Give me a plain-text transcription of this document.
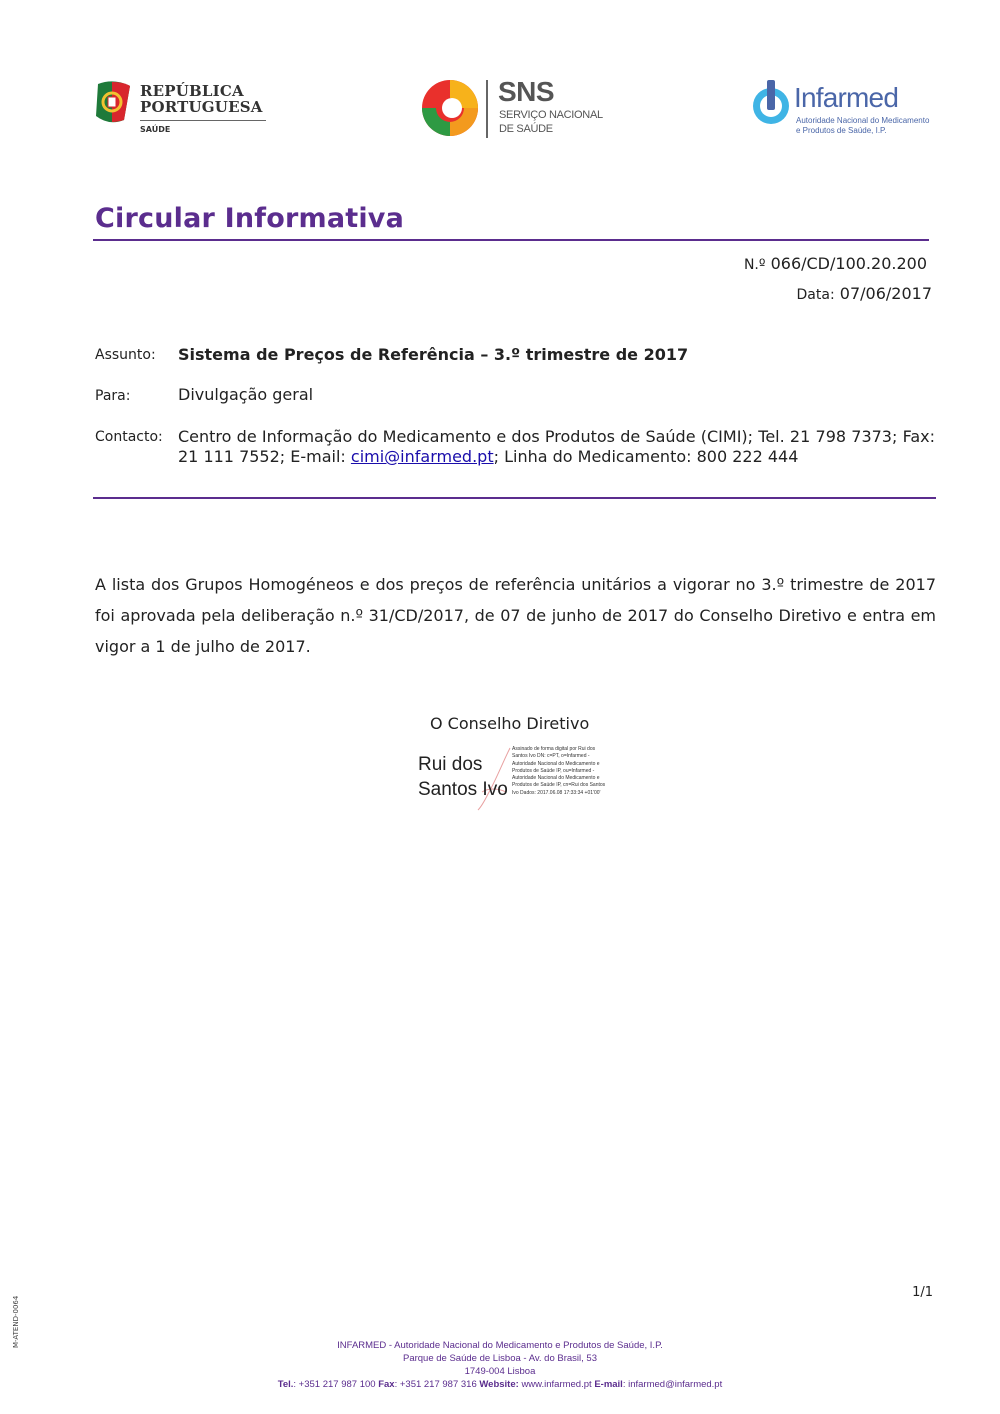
REPÚBLICA
PORTUGUESA
SAÚDE
SNS
SERVIÇO NACIONAL
DE SAÚDE
Infarmed
Autoridade Nacional do Medicamento
e Produtos de Saúde, I.P.
Circular Informativa
N.º 066/CD/100.20.200
Data: 07/06/2017
Assunto: Sistema de Preços de Referência – 3.º trimestre de 2017
Para:	Divulgação geral
Contacto: Centro de Informação do Medicamento e dos Produtos de Saúde (CIMI); Tel. 21 798 7373; Fax: 21 111 7552; E-mail: cimi@infarmed.pt; Linha do Medicamento: 800 222 444
A lista dos Grupos Homogéneos e dos preços de referência unitários a vigorar no 3.º trimestre de 2017 foi aprovada pela deliberação n.º 31/CD/2017, de 07 de junho de 2017 do Conselho Diretivo e entra em vigor a 1 de julho de 2017.
O Conselho Diretivo
Rui dos
Santos Ivo
Assinado de forma digital por Rui dos Santos Ivo DN: c=PT, o=Infarmed - Autoridade Nacional do Medicamento e Produtos de Saúde IP, ou=Infarmed - Autoridade Nacional do Medicamento e Produtos de Saúde IP, cn=Rui dos Santos Ivo Dados: 2017.06.08 17:33:34 +01'00'
1/1
M-ATEND-0064	INFARMED - Autoridade Nacional do Medicamento e Produtos de Saúde, I.P.
Parque de Saúde de Lisboa - Av. do Brasil, 53
1749-004 Lisboa
Tel.: +351 217 987 100 Fax: +351 217 987 316 Website: www.infarmed.pt E-mail: infarmed@infarmed.pt
